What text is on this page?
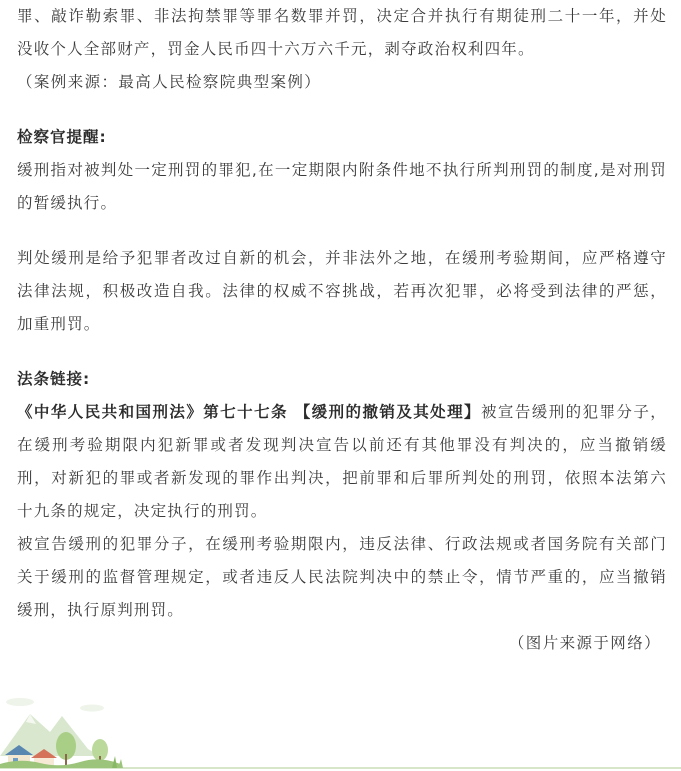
罪、敲诈勒索罪、非法拘禁罪等罪名数罪并罚，决定合并执行有期徒刑二十一年，并处没收个人全部财产，罚金人民币四十六万六千元，剥夺政治权利四年。

（案例来源：最高人民检察院典型案例）

检察官提醒:

缓刑指对被判处一定刑罚的罪犯,在一定期限内附条件地不执行所判刑罚的制度,是对刑罚的暂缓执行。

判处缓刑是给予犯罪者改过自新的机会，并非法外之地，在缓刑考验期间，应严格遵守法律法规，积极改造自我。法律的权威不容挑战，若再次犯罪，必将受到法律的严惩，加重刑罚。

法条链接:

《中华人民共和国刑法》第七十七条 【缓刑的撤销及其处理】被宣告缓刑的犯罪分子，在缓刑考验期限内犯新罪或者发现判决宣告以前还有其他罪没有判决的，应当撤销缓刑，对新犯的罪或者新发现的罪作出判决，把前罪和后罪所判处的刑罚，依照本法第六十九条的规定，决定执行的刑罚。

被宣告缓刑的犯罪分子，在缓刑考验期限内，违反法律、行政法规或者国务院有关部门关于缓刑的监督管理规定，或者违反人民法院判决中的禁止令，情节严重的，应当撤销缓刑，执行原判刑罚。

（图片来源于网络）
